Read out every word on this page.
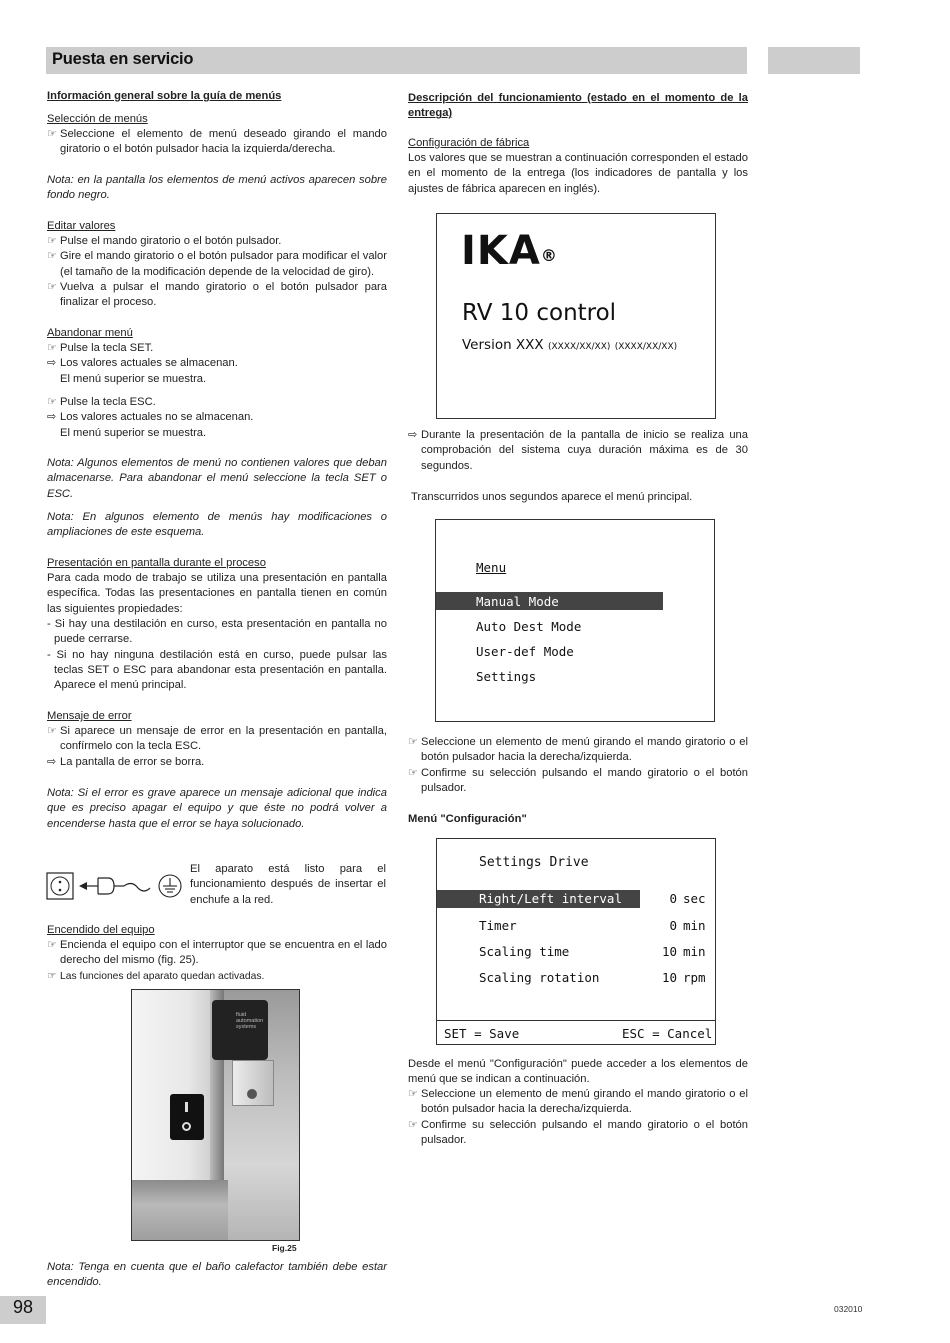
Puesta en servicio
Información general sobre la guía de menús
Selección de menús
☞ Seleccione el elemento de menú deseado girando el mando giratorio o el botón pulsador hacia la izquierda/derecha.
Nota: en la pantalla los elementos de menú activos aparecen sobre fondo negro.
Editar valores
☞ Pulse el mando giratorio o el botón pulsador.
☞ Gire el mando giratorio o el botón pulsador para modificar el valor (el tamaño de la modificación depende de la velocidad de giro).
☞ Vuelva a pulsar el mando giratorio o el botón pulsador para finalizar el proceso.
Abandonar menú
☞ Pulse la tecla SET.
⇨ Los valores actuales se almacenan.
El menú superior se muestra.
☞ Pulse la tecla ESC.
⇨ Los valores actuales no se almacenan.
El menú superior se muestra.
Nota: Algunos elementos de menú no contienen valores que deban almacenarse. Para abandonar el menú seleccione la tecla SET o ESC.
Nota: En algunos elemento de menús hay modificaciones o ampliaciones de este esquema.
Presentación en pantalla durante el proceso
Para cada modo de trabajo se utiliza una presentación en pantalla específica. Todas las presentaciones en pantalla tienen en común las siguientes propiedades:
- Si hay una destilación en curso, esta presentación en pantalla no puede cerrarse.
- Si no hay ninguna destilación está en curso, puede pulsar las teclas SET o ESC para abandonar esta presentación en pantalla. Aparece el menú principal.
Mensaje de error
☞ Si aparece un mensaje de error en la presentación en pantalla, confírmelo con la tecla ESC.
⇨ La pantalla de error se borra.
Nota: Si el error es grave aparece un mensaje adicional que indica que es preciso apagar el equipo y que éste no podrá volver a encenderse hasta que el error se haya solucionado.
El aparato está listo para el funcionamiento después de insertar el enchufe a la red.
Encendido del equipo
☞ Encienda el equipo con el interruptor que se encuentra en el lado derecho del mismo (fig. 25).
☞ Las funciones del aparato quedan activadas.
fluid
automation
systems
Fig.25
Nota: Tenga en cuenta que el baño calefactor también debe estar encendido.
Descripción del funcionamiento (estado en el momento de la entrega)
Configuración de fábrica
Los valores que se muestran a continuación corresponden el estado en el momento de la entrega (los indicadores de pantalla y los ajustes de fábrica aparecen en inglés).
IKA®
RV 10 control
Version XXX (XXXX/XX/XX) (XXXX/XX/XX)
⇨ Durante la presentación de la pantalla de inicio se realiza una comprobación del sistema cuya duración máxima es de 30 segundos.
Transcurridos unos segundos aparece el menú principal.
Menu
Manual Mode
Auto Dest Mode
User-def Mode
Settings
☞ Seleccione un elemento de menú girando el mando giratorio o el botón pulsador hacia la derecha/izquierda.
☞ Confirme su selección pulsando el mando giratorio o el botón pulsador.
Menú "Configuración"
Settings Drive
Right/Left interval	0 sec
Timer	0 min
Scaling time	10 min
Scaling rotation	10 rpm
SET = Save	ESC = Cancel
Desde el menú "Configuración" puede acceder a los elementos de menú que se indican a continuación.
☞ Seleccione un elemento de menú girando el mando giratorio o el botón pulsador hacia la derecha/izquierda.
☞ Confirme su selección pulsando el mando giratorio o el botón pulsador.
98	032010
